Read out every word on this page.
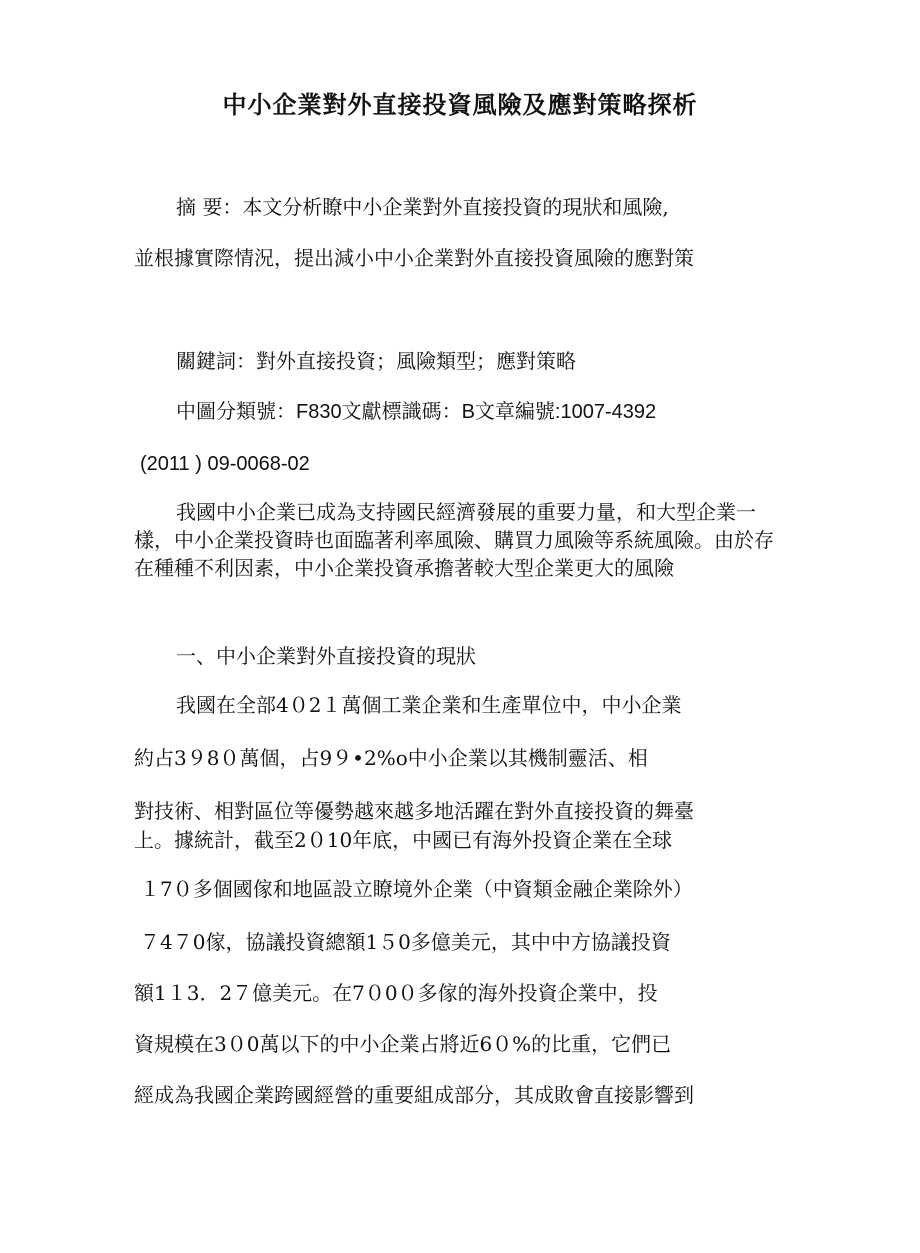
中小企業對外直接投資風險及應對策略探析

摘 要：本文分析瞭中小企業對外直接投資的現狀和風險,

並根據實際情況，提出減小中小企業對外直接投資風險的應對策

關鍵詞：對外直接投資；風險類型；應對策略

中圖分類號：F830文獻標識碼：B文章編號:1007-4392

(2011 ) 09-0068-02

我國中小企業已成為支持國民經濟發展的重要力量，和大型企業一樣，中小企業投資時也面臨著利率風險、購買力風險等系統風險。由於存在種種不利因素，中小企業投資承擔著較大型企業更大的風險

一、中小企業對外直接投資的現狀

我國在全部4０2１萬個工業企業和生產單位中，中小企業

約占3９8０萬個，占9９•2%o中小企業以其機制靈活、相

對技術、相對區位等優勢越來越多地活躍在對外直接投資的舞臺

上。據統計，截至2０10年底，中國已有海外投資企業在全球

１7０多個國傢和地區設立瞭境外企業（中資類金融企業除外）

７4７0傢，協議投資總額1５0多億美元，其中中方協議投資

額1１3．2７億美元。在7０0０多傢的海外投資企業中，投

資規模在3０0萬以下的中小企業占將近6０%的比重，它們已

經成為我國企業跨國經營的重要組成部分，其成敗會直接影響到
